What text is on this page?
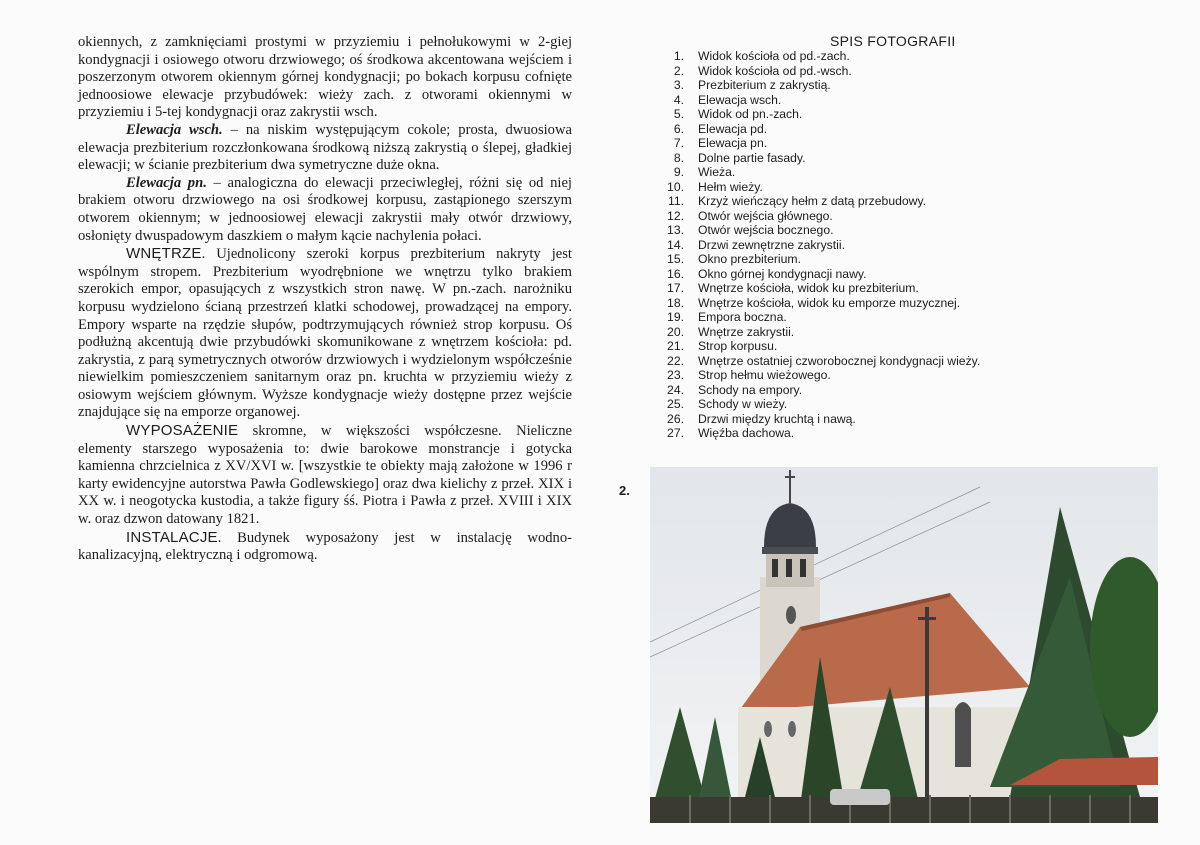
okiennych, z zamknięciami prostymi w przyziemiu i pełnołukowymi w 2-giej kondygnacji i osiowego otworu drzwiowego; oś środkowa akcentowana wejściem i poszerzonym otworem okiennym górnej kondygnacji; po bokach korpusu cofnięte jednoosiowe elewacje przybudówek: wieży zach. z otworami okiennymi w przyziemiu i 5-tej kondygnacji oraz zakrystii wsch.

Elewacja wsch. – na niskim występującym cokole; prosta, dwuosiowa elewacja prezbiterium rozczłonkowana środkową niższą zakrystią o ślepej, gładkiej elewacji; w ścianie prezbiterium dwa symetryczne duże okna.

Elewacja pn. – analogiczna do elewacji przeciwległej, różni się od niej brakiem otworu drzwiowego na osi środkowej korpusu, zastąpionego szerszym otworem okiennym; w jednoosiowej elewacji zakrystii mały otwór drzwiowy, osłonięty dwuspadowym daszkiem o małym kącie nachylenia połaci.

WNĘTRZE. Ujednolicony szeroki korpus prezbiterium nakryty jest wspólnym stropem. Prezbiterium wyodrębnione we wnętrzu tylko brakiem szerokich empor, opasujących z wszystkich stron nawę. W pn.-zach. narożniku korpusu wydzielono ścianą przestrzeń klatki schodowej, prowadzącej na empory. Empory wsparte na rzędzie słupów, podtrzymujących również strop korpusu. Oś podłużną akcentują dwie przybudówki skomunikowane z wnętrzem kościoła: pd. zakrystia, z parą symetrycznych otworów drzwiowych i wydzielonym współcześnie niewielkim pomieszczeniem sanitarnym oraz pn. kruchta w przyziemiu wieży z osiowym wejściem głównym. Wyższe kondygnacje wieży dostępne przez wejście znajdujące się na emporze organowej.

WYPOSAŻENIE skromne, w większości współczesne. Nieliczne elementy starszego wyposażenia to: dwie barokowe monstrancje i gotycka kamienna chrzcielnica z XV/XVI w. [wszystkie te obiekty mają założone w 1996 r karty ewidencyjne autorstwa Pawła Godlewskiego] oraz dwa kielichy z przeł. XIX i XX w. i neogotycka kustodia, a także figury śś. Piotra i Pawła z przeł. XVIII i XIX w. oraz dzwon datowany 1821.

INSTALACJE. Budynek wyposażony jest w instalację wodno-kanalizacyjną, elektryczną i odgromową.

SPIS FOTOGRAFII
1. Widok kościoła od pd.-zach.
2. Widok kościoła od pd.-wsch.
3. Prezbiterium z zakrystią.
4. Elewacja wsch.
5. Widok od pn.-zach.
6. Elewacja pd.
7. Elewacja pn.
8. Dolne partie fasady.
9. Wieża.
10. Hełm wieży.
11. Krzyż wieńczący hełm z datą przebudowy.
12. Otwór wejścia głównego.
13. Otwór wejścia bocznego.
14. Drzwi zewnętrzne zakrystii.
15. Okno prezbiterium.
16. Okno górnej kondygnacji nawy.
17. Wnętrze kościoła, widok ku prezbiterium.
18. Wnętrze kościoła, widok ku emporze muzycznej.
19. Empora boczna.
20. Wnętrze zakrystii.
21. Strop korpusu.
22. Wnętrze ostatniej czworobocznej kondygnacji wieży.
23. Strop hełmu wieżowego.
24. Schody na empory.
25. Schody w wieży.
26. Drzwi między kruchtą i nawą.
27. Więźba dachowa.
2.
